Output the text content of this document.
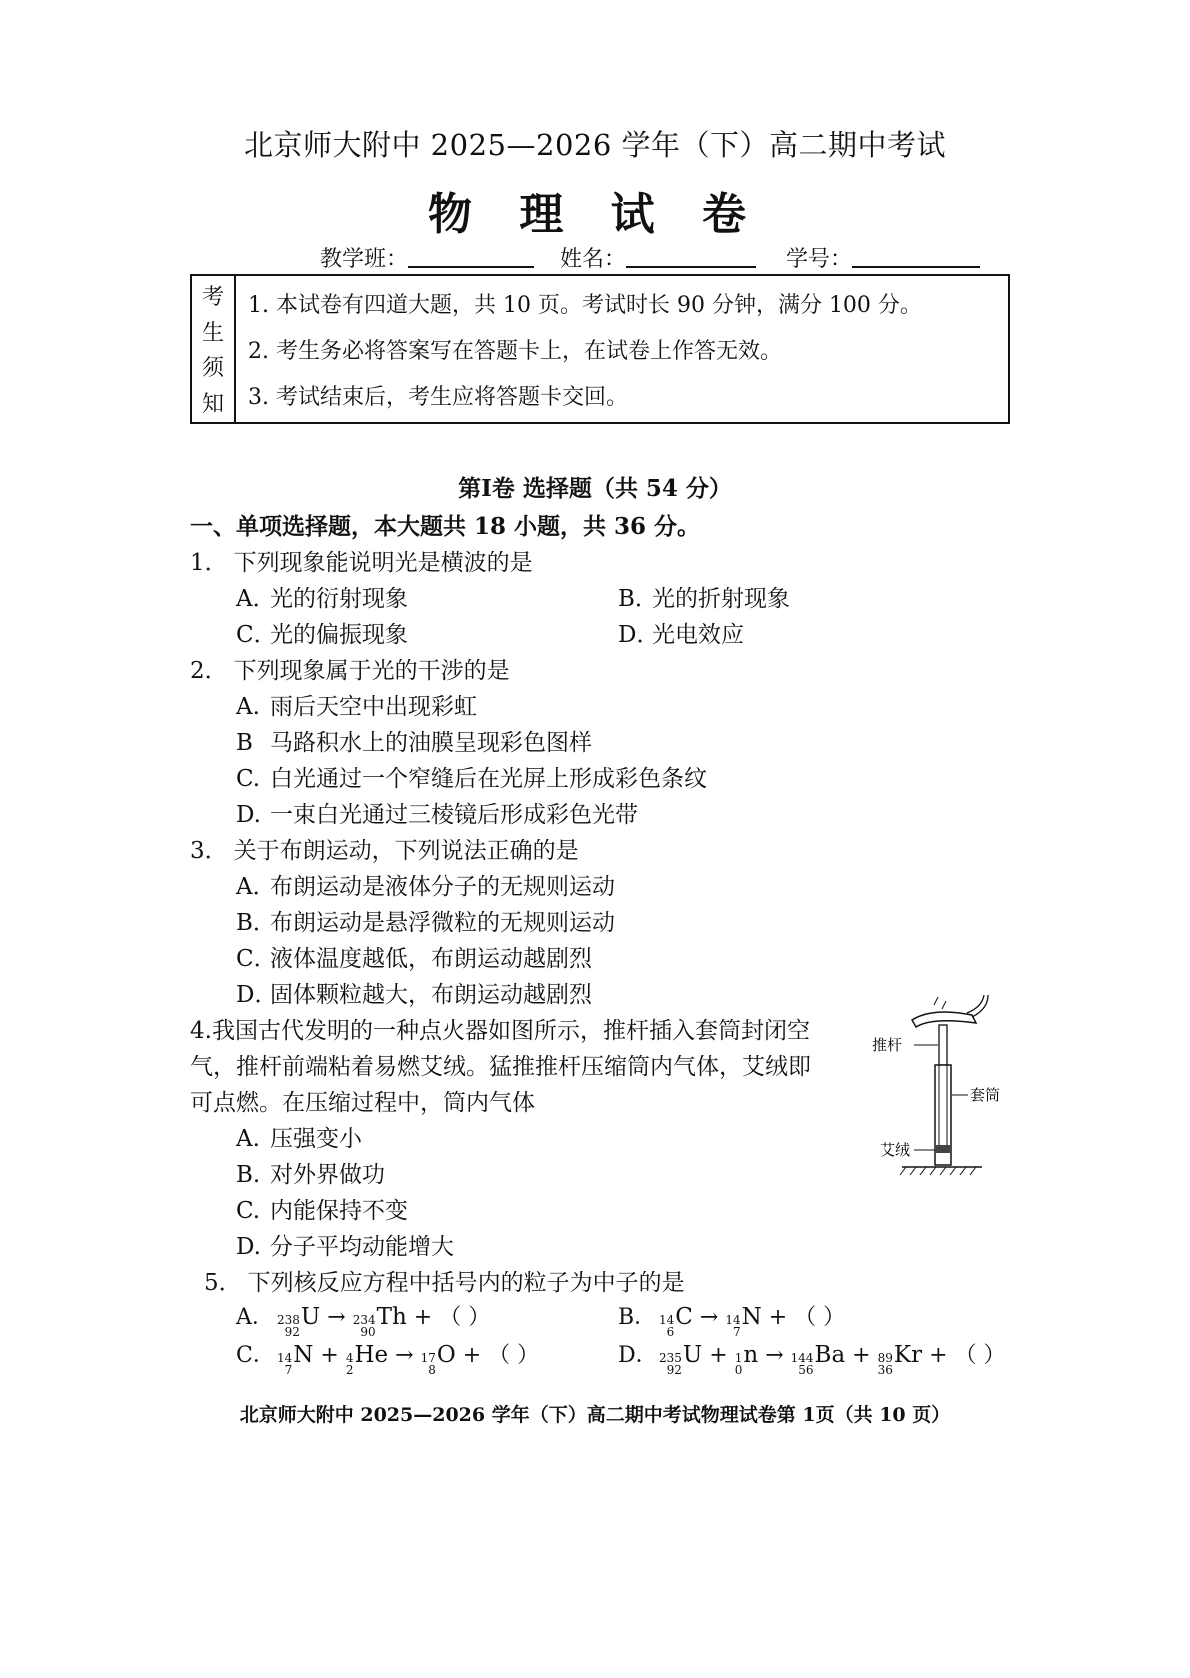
北京师大附中 2025—2026 学年（下）高二期中考试
物 理 试 卷
教学班：	姓名：	学号：
考
生
须
知
1. 本试卷有四道大题，共 10 页。考试时长 90 分钟，满分 100 分。
2. 考生务必将答案写在答题卡上，在试卷上作答无效。
3. 考试结束后，考生应将答题卡交回。
第Ⅰ卷 选择题（共 54 分）
一、单项选择题，本大题共 18 小题，共 36 分。
1． 下列现象能说明光是横波的是
A．光的衍射现象	B．光的折射现象
C．光的偏振现象	D．光电效应
2． 下列现象属于光的干涉的是
A. 雨后天空中出现彩虹
B 马路积水上的油膜呈现彩色图样
C. 白光通过一个窄缝后在光屏上形成彩色条纹
D. 一束白光通过三棱镜后形成彩色光带
3． 关于布朗运动，下列说法正确的是
A．布朗运动是液体分子的无规则运动
B．布朗运动是悬浮微粒的无规则运动
C．液体温度越低，布朗运动越剧烈
D．固体颗粒越大，布朗运动越剧烈
4.我国古代发明的一种点火器如图所示，推杆插入套筒封闭空
气，推杆前端粘着易燃艾绒。猛推推杆压缩筒内气体，艾绒即
可点燃。在压缩过程中，筒内气体
A. 压强变小
B. 对外界做功
C. 内能保持不变
D. 分子平均动能增大
推杆
套筒
艾绒
5． 下列核反应方程中括号内的粒子为中子的是
A． 238
92
U → 234
90
Th + （ ）	B． 14
6
C → 14
7
N + （ ）
C． 14
7
N + 4
2
He → 17
8
O + （ ）	D． 235
92
U + 1
0
n → 144
56
Ba + 89
36
Kr + （ ）
北京师大附中 2025—2026 学年（下）高二期中考试物理试卷第 1页（共 10 页）
